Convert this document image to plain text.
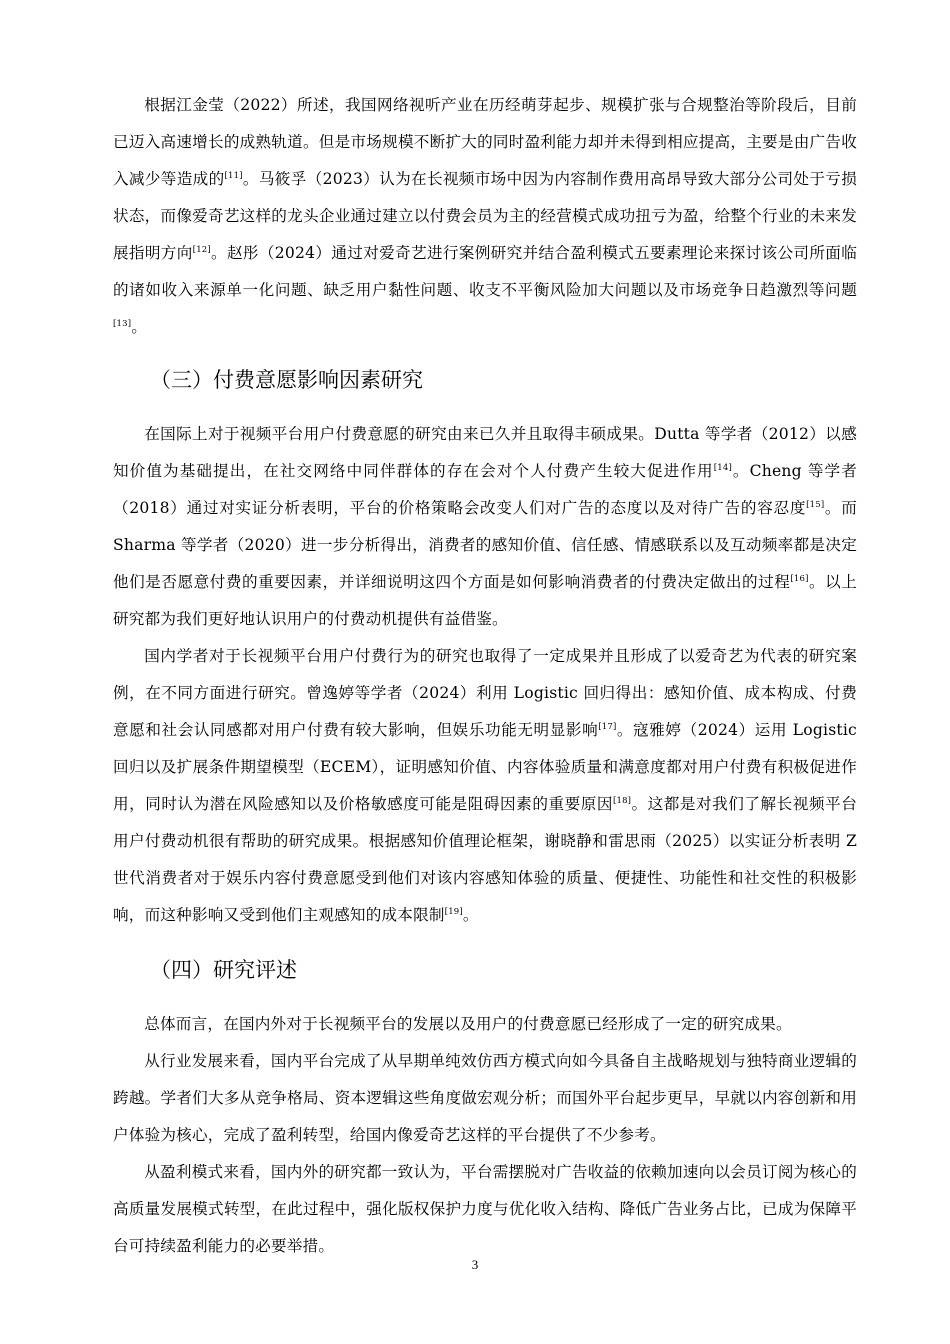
根据江金莹（2022）所述，我国网络视听产业在历经萌芽起步、规模扩张与合规整治等阶段后，目前已迈入高速增长的成熟轨道。但是市场规模不断扩大的同时盈利能力却并未得到相应提高，主要是由广告收入减少等造成的[11]。马筱孚（2023）认为在长视频市场中因为内容制作费用高昂导致大部分公司处于亏损状态，而像爱奇艺这样的龙头企业通过建立以付费会员为主的经营模式成功扭亏为盈，给整个行业的未来发展指明方向[12]。赵彤（2024）通过对爱奇艺进行案例研究并结合盈利模式五要素理论来探讨该公司所面临的诸如收入来源单一化问题、缺乏用户黏性问题、收支不平衡风险加大问题以及市场竞争日趋激烈等问题[13]。

（三）付费意愿影响因素研究

在国际上对于视频平台用户付费意愿的研究由来已久并且取得丰硕成果。Dutta 等学者（2012）以感知价值为基础提出，在社交网络中同伴群体的存在会对个人付费产生较大促进作用[14]。Cheng 等学者（2018）通过对实证分析表明，平台的价格策略会改变人们对广告的态度以及对待广告的容忍度[15]。而 Sharma 等学者（2020）进一步分析得出，消费者的感知价值、信任感、情感联系以及互动频率都是决定他们是否愿意付费的重要因素，并详细说明这四个方面是如何影响消费者的付费决定做出的过程[16]。以上研究都为我们更好地认识用户的付费动机提供有益借鉴。

国内学者对于长视频平台用户付费行为的研究也取得了一定成果并且形成了以爱奇艺为代表的研究案例，在不同方面进行研究。曾逸婷等学者（2024）利用 Logistic 回归得出：感知价值、成本构成、付费意愿和社会认同感都对用户付费有较大影响，但娱乐功能无明显影响[17]。寇雅婷（2024）运用 Logistic 回归以及扩展条件期望模型（ECEM），证明感知价值、内容体验质量和满意度都对用户付费有积极促进作用，同时认为潜在风险感知以及价格敏感度可能是阻碍因素的重要原因[18]。这都是对我们了解长视频平台用户付费动机很有帮助的研究成果。根据感知价值理论框架，谢晓静和雷思雨（2025）以实证分析表明 Z 世代消费者对于娱乐内容付费意愿受到他们对该内容感知体验的质量、便捷性、功能性和社交性的积极影响，而这种影响又受到他们主观感知的成本限制[19]。

（四）研究评述

总体而言，在国内外对于长视频平台的发展以及用户的付费意愿已经形成了一定的研究成果。

从行业发展来看，国内平台完成了从早期单纯效仿西方模式向如今具备自主战略规划与独特商业逻辑的跨越。学者们大多从竞争格局、资本逻辑这些角度做宏观分析；而国外平台起步更早，早就以内容创新和用户体验为核心，完成了盈利转型，给国内像爱奇艺这样的平台提供了不少参考。

从盈利模式来看，国内外的研究都一致认为，平台需摆脱对广告收益的依赖加速向以会员订阅为核心的高质量发展模式转型，在此过程中，强化版权保护力度与优化收入结构、降低广告业务占比，已成为保障平台可持续盈利能力的必要举措。

3
